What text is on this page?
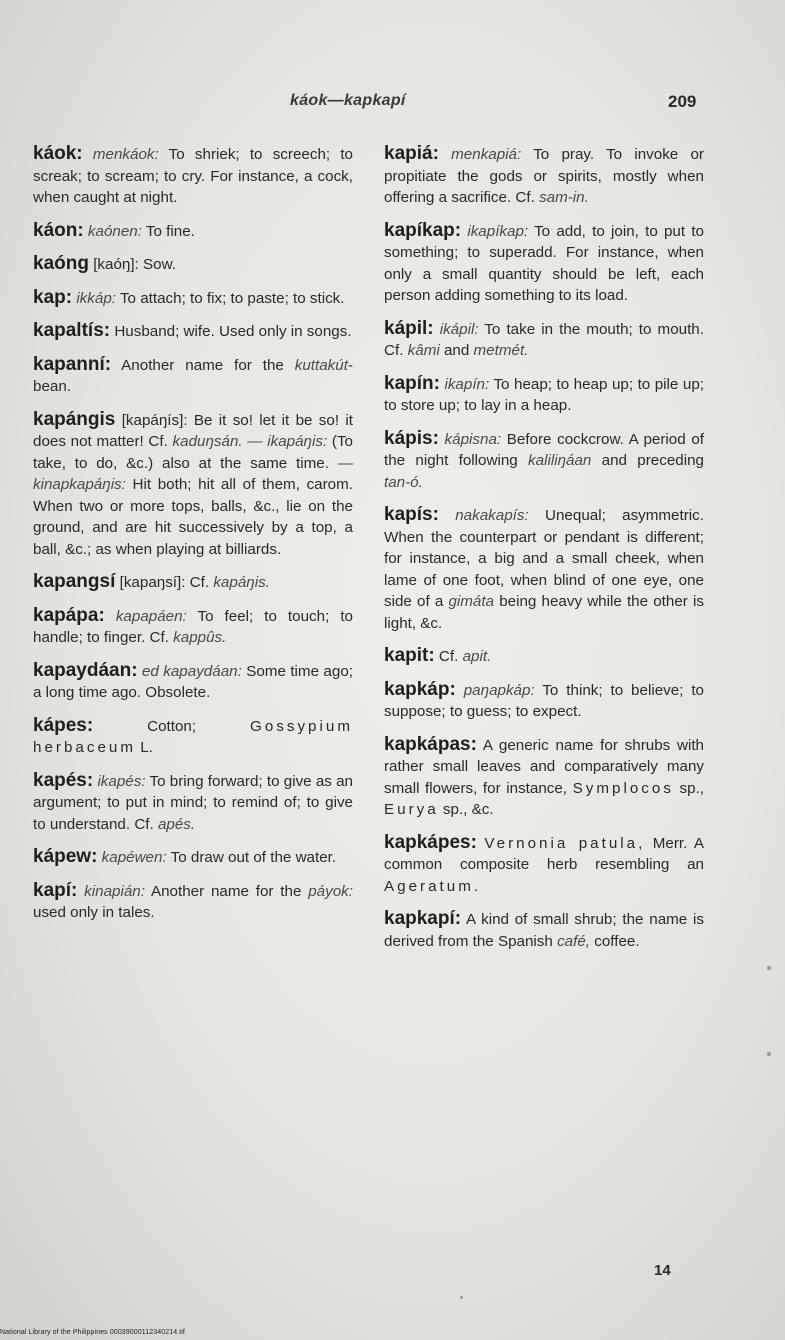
káok—kapkapí	209

káok: menkáok: To shriek; to screech; to screak; to scream; to cry. For instance, a cock, when caught at night.

káon: kaónen: To fine.

kaóng [kaóŋ]: Sow.

kap: ikkáp: To attach; to fix; to paste; to stick.

kapaltís: Husband; wife. Used only in songs.

kapanní: Another name for the kuttakút-bean.

kapángis [kapáŋís]: Be it so! let it be so! it does not matter! Cf. kaduŋsán. — ikapáŋis: (To take, to do, &c.) also at the same time. — kinapkapáŋis: Hit both; hit all of them, carom. When two or more tops, balls, &c., lie on the ground, and are hit successively by a top, a ball, &c.; as when playing at billiards.

kapangsí [kapaŋsí]: Cf. kapáŋis.

kapápa: kapapáen: To feel; to touch; to handle; to finger. Cf. kappûs.

kapaydáan: ed kapaydáan: Some time ago; a long time ago. Obsolete.

kápes:	Cotton;	Gossypium herbaceum L.

kapés: ikapés: To bring forward; to give as an argument; to put in mind; to remind of; to give to understand. Cf. apés.

kápew: kapéwen: To draw out of the water.

kapí: kinapián: Another name for the páyok: used only in tales.

kapiá: menkapiá: To pray. To invoke or propitiate the gods or spirits, mostly when offering a sacrifice. Cf. sam-in.

kapíkap: ikapíkap: To add, to join, to put to something; to superadd. For instance, when only a small quantity should be left, each person adding something to its load.

kápil: ikápil: To take in the mouth; to mouth. Cf. kâmi and metmét.

kapín: ikapín: To heap; to heap up; to pile up; to store up; to lay in a heap.

kápis: kápisna: Before cockcrow. A period of the night following kaliliŋáan and preceding tan-ó.

kapís: nakakapís: Unequal; asymmetric. When the counterpart or pendant is different; for instance, a big and a small cheek, when lame of one foot, when blind of one eye, one side of a gimáta being heavy while the other is light, &c.

kapit: Cf. apit.

kapkáp: paŋapkáp: To think; to believe; to suppose; to guess; to expect.

kapkápas: A generic name for shrubs with rather small leaves and comparatively many small flowers, for instance, Symplocos sp., Eurya sp., &c.

kapkápes: Vernonia patula, Merr. A common composite herb resembling an Ageratum.

kapkapí: A kind of small shrub; the name is derived from the Spanish café, coffee.

14
National Library of the Philippines 00039000112340214.tif
